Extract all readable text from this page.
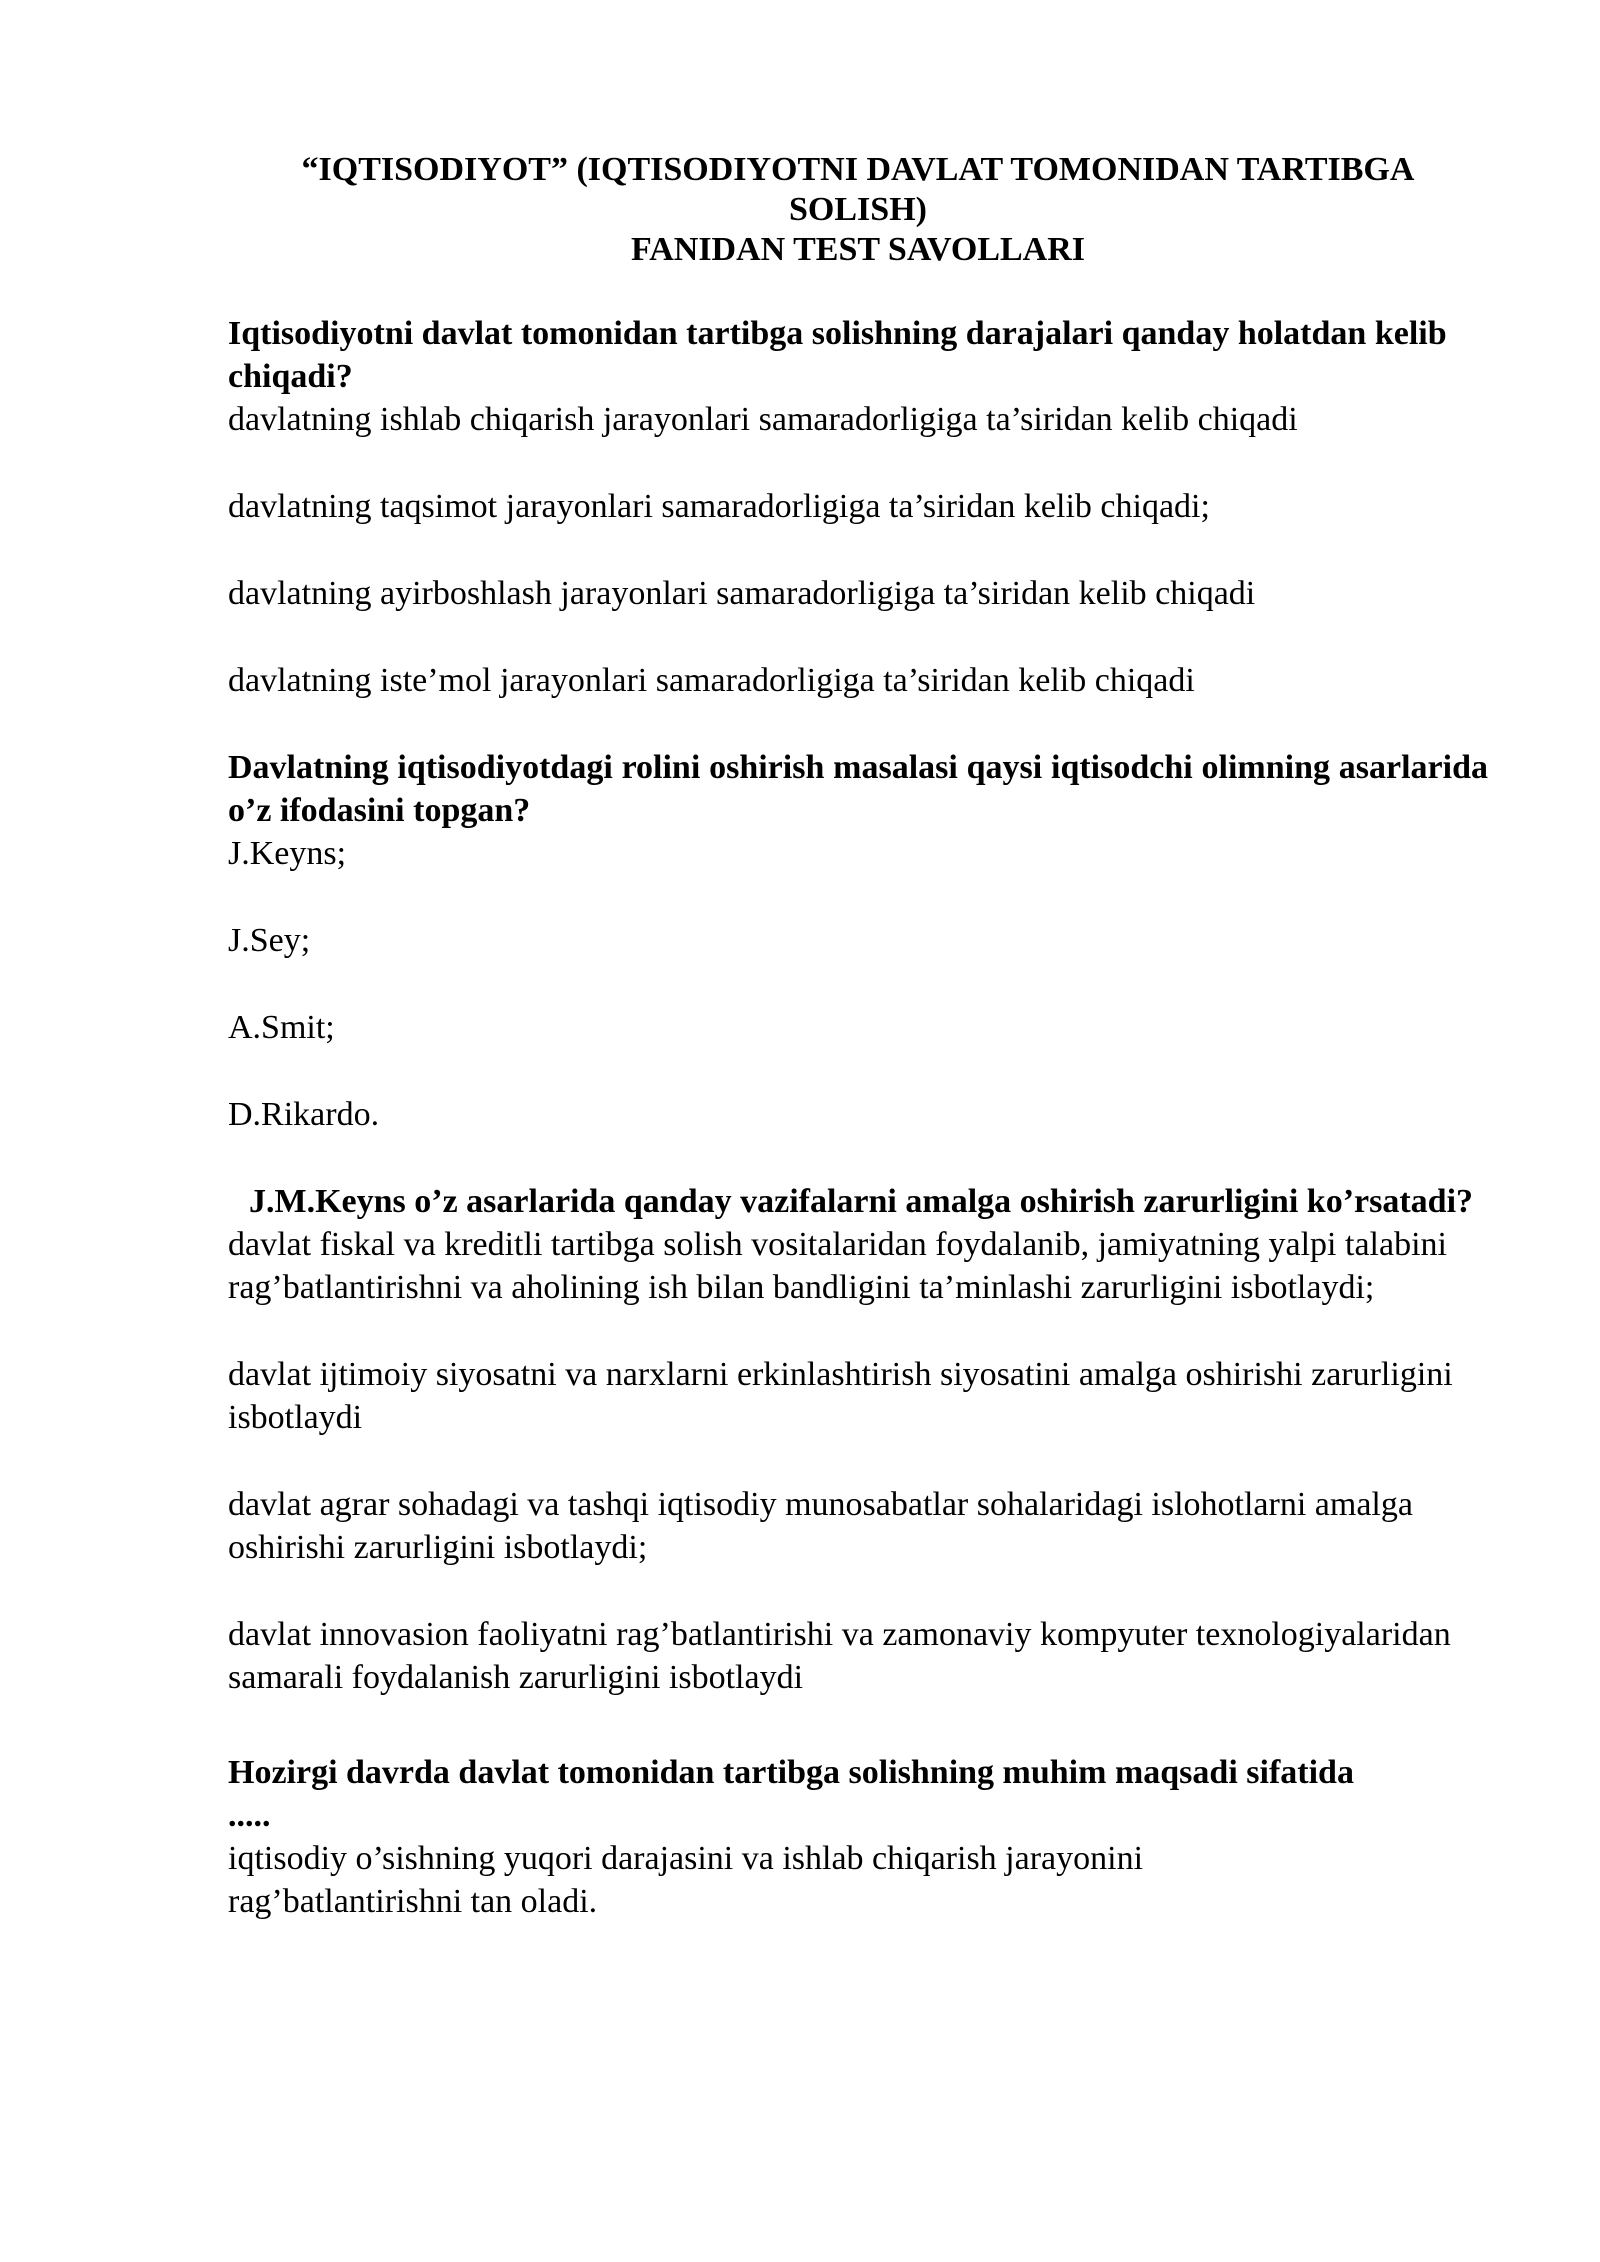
“IQTISODIYOT” (IQTISODIYOTNI DAVLAT TOMONIDAN TARTIBGA
SOLISH)
FANIDAN TEST SAVOLLARI

Iqtisodiyotni davlat tomonidan tartibga solishning darajalari qanday holatdan kelib chiqadi?

davlatning ishlab chiqarish jarayonlari samaradorligiga ta’siridan kelib chiqadi

davlatning taqsimot jarayonlari samaradorligiga ta’siridan kelib chiqadi;

davlatning ayirboshlash jarayonlari samaradorligiga ta’siridan kelib chiqadi

davlatning iste’mol jarayonlari samaradorligiga ta’siridan kelib chiqadi

Davlatning iqtisodiyotdagi rolini oshirish masalasi qaysi iqtisodchi olimning asarlarida o’z ifodasini topgan?

J.Keyns;

J.Sey;

A.Smit;

D.Rikardo.

J.M.Keyns o’z asarlarida qanday vazifalarni amalga oshirish zarurligini ko’rsatadi?

davlat fiskal va kreditli tartibga solish vositalaridan foydalanib, jamiyatning yalpi talabini rag’batlantirishni va aholining ish bilan bandligini ta’minlashi zarurligini isbotlaydi;

davlat ijtimoiy siyosatni va narxlarni erkinlashtirish siyosatini amalga oshirishi zarurligini isbotlaydi

davlat agrar sohadagi va tashqi iqtisodiy munosabatlar sohalaridagi islohotlarni amalga oshirishi zarurligini isbotlaydi;

davlat innovasion faoliyatni rag’batlantirishi va zamonaviy kompyuter texnologiyalaridan samarali foydalanish zarurligini isbotlaydi

Hozirgi davrda davlat tomonidan tartibga solishning muhim maqsadi sifatida .....

iqtisodiy o’sishning yuqori darajasini va ishlab chiqarish jarayonini rag’batlantirishni tan oladi.
